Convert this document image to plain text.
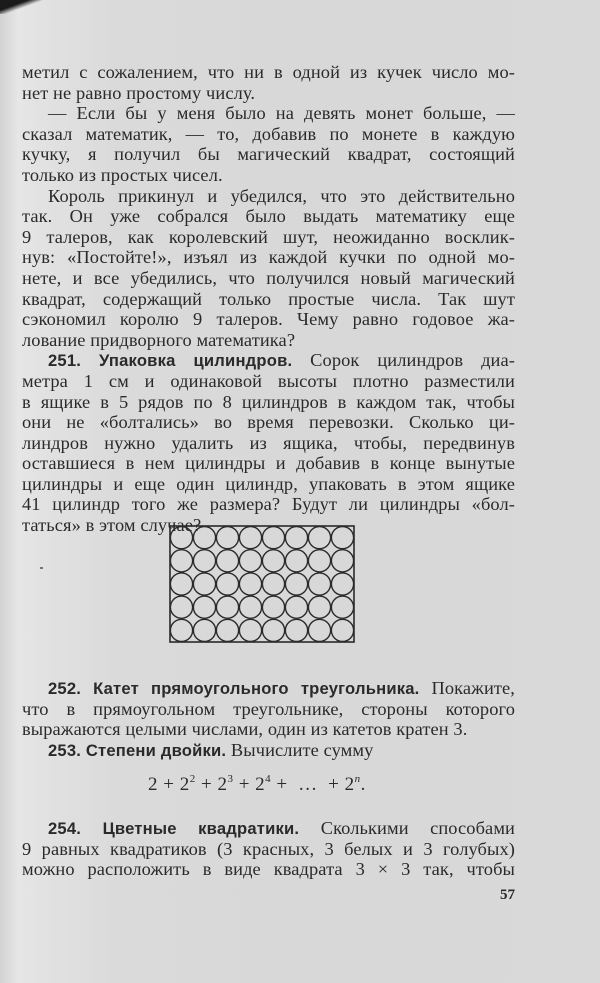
метил с сожалением, что ни в одной из кучек число мо-
нет не равно простому числу.
— Если бы у меня было на девять монет больше, —
сказал математик, — то, добавив по монете в каждую
кучку, я получил бы магический квадрат, состоящий
только из простых чисел.
Король прикинул и убедился, что это действительно
так. Он уже собрался было выдать математику еще
9 талеров, как королевский шут, неожиданно восклик-
нув: «Постойте!», изъял из каждой кучки по одной мо-
нете, и все убедились, что получился новый магический
квадрат, содержащий только простые числа. Так шут
сэкономил королю 9 талеров. Чему равно годовое жа-
лование придворного математика?
251. Упаковка цилиндров. Сорок цилиндров диа-
метра 1 см и одинаковой высоты плотно разместили
в ящике в 5 рядов по 8 цилиндров в каждом так, чтобы
они не «болтались» во время перевозки. Сколько ци-
линдров нужно удалить из ящика, чтобы, передвинув
оставшиеся в нем цилиндры и добавив в конце вынутые
цилиндры и еще один цилиндр, упаковать в этом ящике
41 цилиндр того же размера? Будут ли цилиндры «бол-
таться» в этом случае?
252. Катет прямоугольного треугольника. Покажите,
что в прямоугольном треугольнике, стороны которого
выражаются целыми числами, один из катетов кратен 3.
253. Степени двойки. Вычислите сумму
$2 + 2^2 + 2^3 + 2^4$ + … + $2^n$.
254. Цветные квадратики. Сколькими способами
9 равных квадратиков (3 красных, 3 белых и 3 голубых)
можно расположить в виде квадрата 3 × 3 так, чтобы
57
